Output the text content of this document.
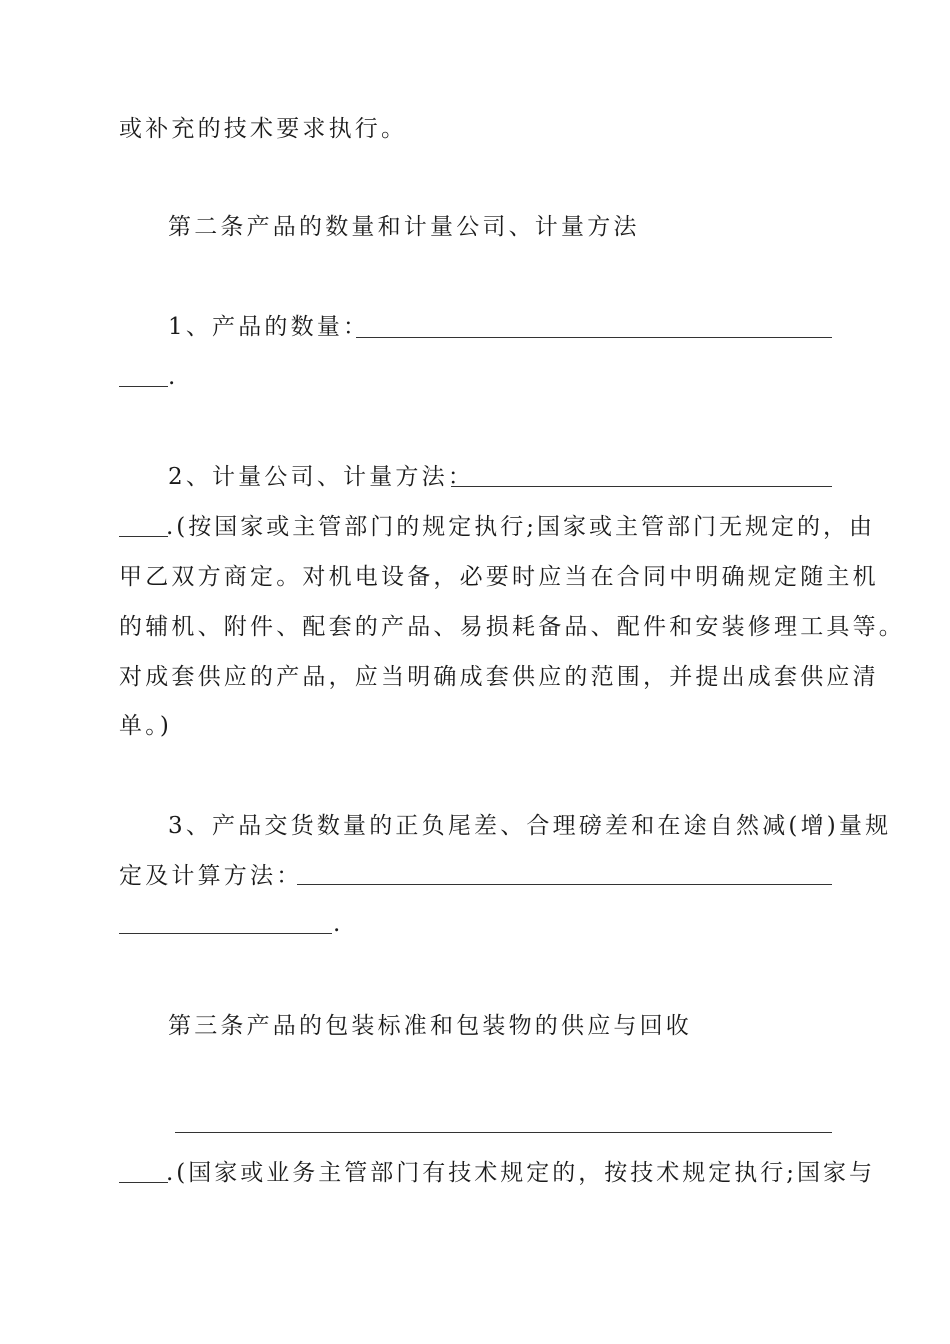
或补充的技术要求执行。
第二条产品的数量和计量公司、计量方法
1、产品的数量：
.
2、计量公司、计量方法：
.(按国家或主管部门的规定执行;国家或主管部门无规定的，由
甲乙双方商定。对机电设备，必要时应当在合同中明确规定随主机
的辅机、附件、配套的产品、易损耗备品、配件和安装修理工具等。
对成套供应的产品，应当明确成套供应的范围，并提出成套供应清
单。)
3、产品交货数量的正负尾差、合理磅差和在途自然减(增)量规
定及计算方法：
.
第三条产品的包装标准和包装物的供应与回收
.(国家或业务主管部门有技术规定的，按技术规定执行;国家与
